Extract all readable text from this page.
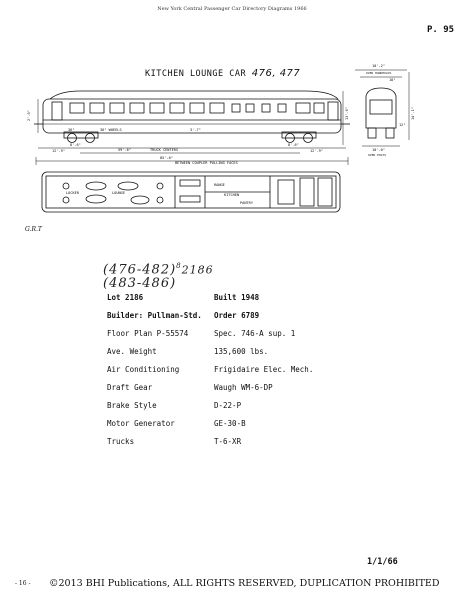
New York Central Passenger Car Directory Diagrams 1966
P. 95
KITCHEN LOUNGE CAR 476, 477
10'-2"
OVER HANDHOLDS
18"
13'-6"	14'-1"
12"
10'-0"
OVER POSTS
2'-0"
36"	36" WHEELS	3'-7"
8'-6"	8'-6"
12'-9"	12'-9"
59'-6"	TRUCK CENTERS
85'-0"
BETWEEN COUPLER PULLING FACES
LOUNGE
RANGE
KITCHEN
PANTRY
LOCKER
G.R.T
$(476-482)^82186$
(483-486)
Lot 2186	Built 1948
Builder: Pullman-Std.	Order 6789
Floor Plan P-55574	Spec. 746-A sup. 1
Ave. Weight	135,600 lbs.
Air Conditioning	Frigidaire Elec. Mech.
Draft Gear	Waugh WM-6-DP
Brake Style	D-22-P
Motor Generator	GE-30-B
Trucks	T-6-XR
1/1/66
- 16 - ©2013 BHI Publications, ALL RIGHTS RESERVED, DUPLICATION PROHIBITED
